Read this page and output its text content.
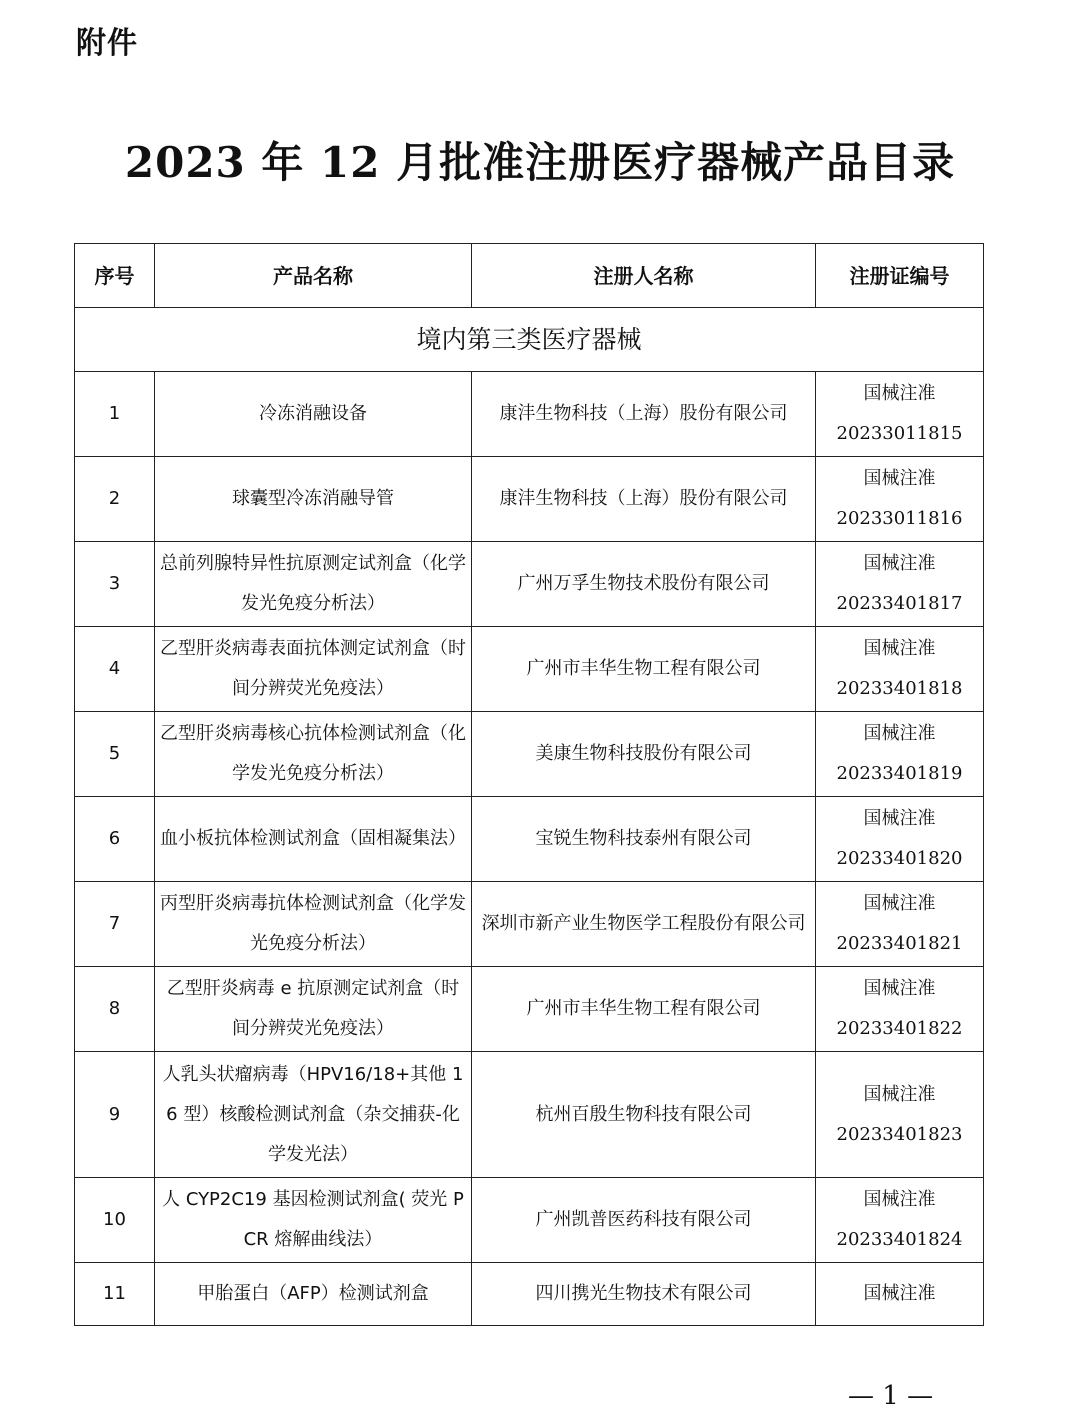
附件
2023 年 12 月批准注册医疗器械产品目录
序号	产品名称	注册人名称	注册证编号
境内第三类医疗器械			
1	冷冻消融设备	康沣生物科技（上海）股份有限公司	国械注准
20233011815

2	球囊型冷冻消融导管	康沣生物科技（上海）股份有限公司	国械注准
20233011816

3	总前列腺特异性抗原测定试剂盒（化学发光免疫分析法）	广州万孚生物技术股份有限公司	国械注准
20233401817

4	乙型肝炎病毒表面抗体测定试剂盒（时间分辨荧光免疫法）	广州市丰华生物工程有限公司	国械注准
20233401818

5	乙型肝炎病毒核心抗体检测试剂盒（化学发光免疫分析法）	美康生物科技股份有限公司	国械注准
20233401819

6	血小板抗体检测试剂盒（固相凝集法）	宝锐生物科技泰州有限公司	国械注准
20233401820

7	丙型肝炎病毒抗体检测试剂盒（化学发光免疫分析法）	深圳市新产业生物医学工程股份有限公司	国械注准
20233401821

8	乙型肝炎病毒 e 抗原测定试剂盒（时间分辨荧光免疫法）	广州市丰华生物工程有限公司	国械注准
20233401822

9	人乳头状瘤病毒（HPV16/18+其他 16 型）核酸检测试剂盒（杂交捕获-化学发光法）	杭州百殷生物科技有限公司	国械注准
20233401823

10	人 CYP2C19 基因检测试剂盒( 荧光 PCR 熔解曲线法）	广州凯普医药科技有限公司	国械注准
20233401824

11	甲胎蛋白（AFP）检测试剂盒	四川携光生物技术有限公司	国械注准
— 1 —
